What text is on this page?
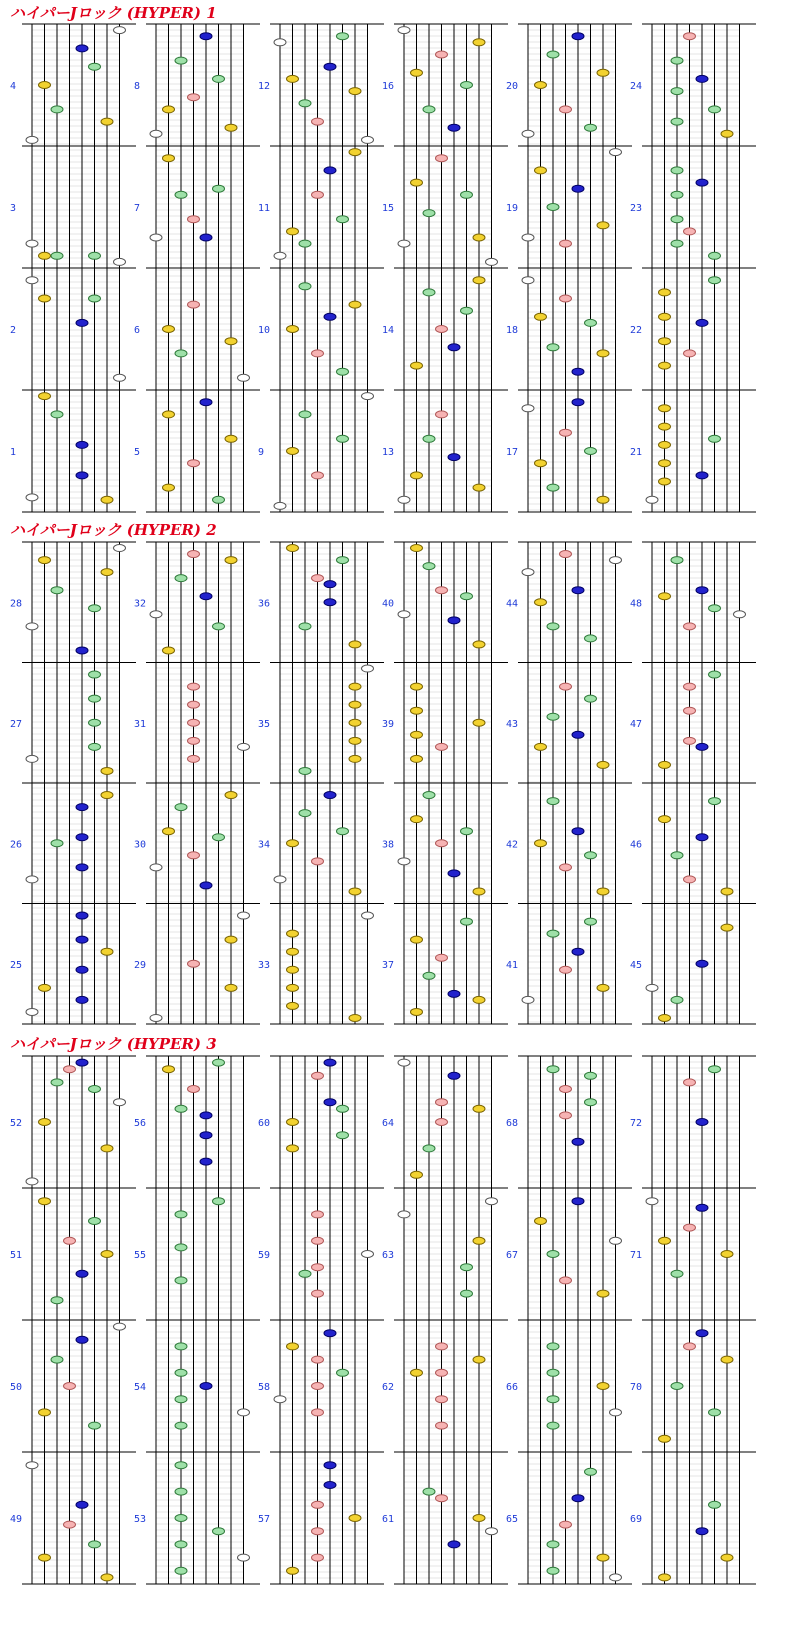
ハイパーJロック (HYPER) 1
4
3
2
1
8
7
6
5
12
11
10
9
16
15
14
13
20
19
18
17
24
23
22
21
ハイパーJロック (HYPER) 2
28
27
26
25
32
31
30
29
36
35
34
33
40
39
38
37
44
43
42
41
48
47
46
45
ハイパーJロック (HYPER) 3
52
51
50
49
56
55
54
53
60
59
58
57
64
63
62
61
68
67
66
65
72
71
70
69
